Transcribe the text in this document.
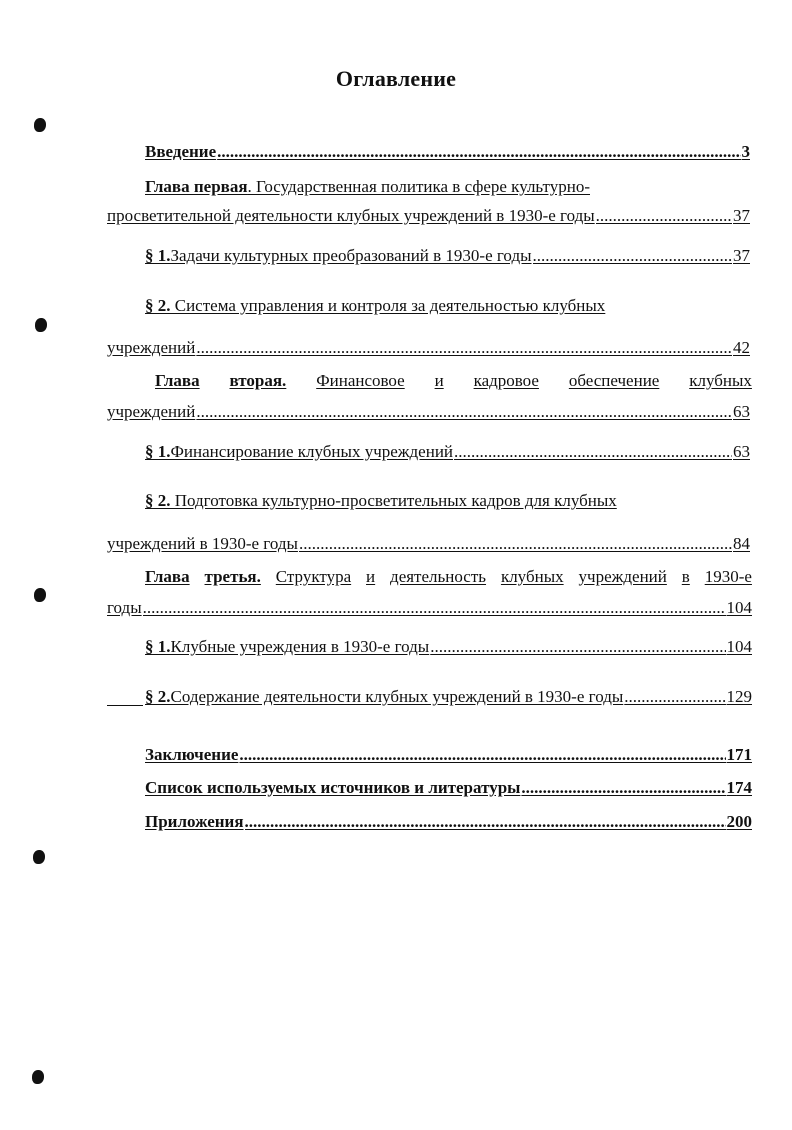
Оглавление
Введение .....	3
Глава первая. Государственная политика в сфере культурно-
просветительной деятельности клубных учреждений в 1930-е годы .....	37
§ 1. Задачи культурных преобразований в 1930-е годы .....	37
§ 2. Система управления и контроля за деятельностью клубных
учреждений .....	42
Глава вторая. Финансовое и кадровое обеспечение клубных
учреждений .....	63
§ 1. Финансирование клубных учреждений .....	63
§ 2. Подготовка культурно-просветительных кадров для клубных
учреждений в 1930-е годы .....	84
Глава третья. Структура и деятельность клубных учреждений в 1930-е
годы .....	104
§ 1. Клубные учреждения в 1930-е годы .....	104
§ 2. Содержание деятельности клубных учреждений в 1930-е годы .....	129
Заключение .....	171
Список используемых источников и литературы .....	174
Приложения .....	200
